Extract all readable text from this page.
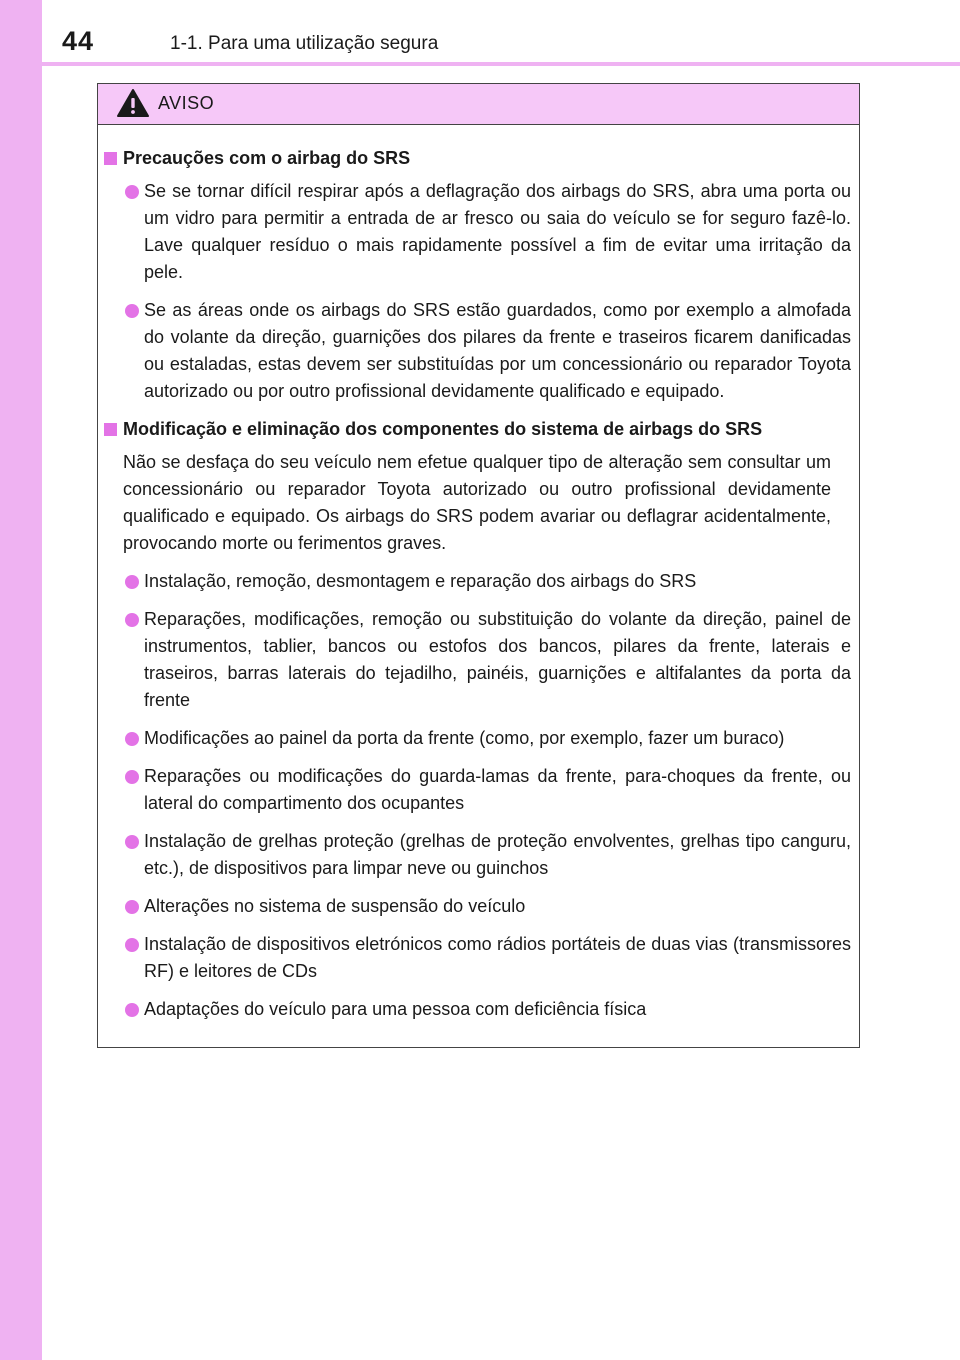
44	1-1. Para uma utilização segura
AVISO
Precauções com o airbag do SRS
Se se tornar difícil respirar após a deflagração dos airbags do SRS, abra uma porta ou um vidro para permitir a entrada de ar fresco ou saia do veículo se for seguro fazê-lo. Lave qualquer resíduo o mais rapidamente possível a fim de evitar uma irritação da pele.
Se as áreas onde os airbags do SRS estão guardados, como por exemplo a almofada do volante da direção, guarnições dos pilares da frente e traseiros ficarem danificadas ou estaladas, estas devem ser substituídas por um concessionário ou reparador Toyota autorizado ou por outro profissional devidamente qualificado e equipado.
Modificação e eliminação dos componentes do sistema de airbags do SRS
Não se desfaça do seu veículo nem efetue qualquer tipo de alteração sem consultar um concessionário ou reparador Toyota autorizado ou outro profissional devidamente qualificado e equipado. Os airbags do SRS podem avariar ou deflagrar acidentalmente, provocando morte ou ferimentos graves.
Instalação, remoção, desmontagem e reparação dos airbags do SRS
Reparações, modificações, remoção ou substituição do volante da direção, painel de instrumentos, tablier, bancos ou estofos dos bancos, pilares da frente, laterais e traseiros, barras laterais do tejadilho, painéis, guarnições e altifalantes da porta da frente
Modificações ao painel da porta da frente (como, por exemplo, fazer um buraco)
Reparações ou modificações do guarda-lamas da frente, para-choques da frente, ou lateral do compartimento dos ocupantes
Instalação de grelhas proteção (grelhas de proteção envolventes, grelhas tipo canguru, etc.), de dispositivos para limpar neve ou guinchos
Alterações no sistema de suspensão do veículo
Instalação de dispositivos eletrónicos como rádios portáteis de duas vias (transmissores RF) e leitores de CDs
Adaptações do veículo para uma pessoa com deficiência física
